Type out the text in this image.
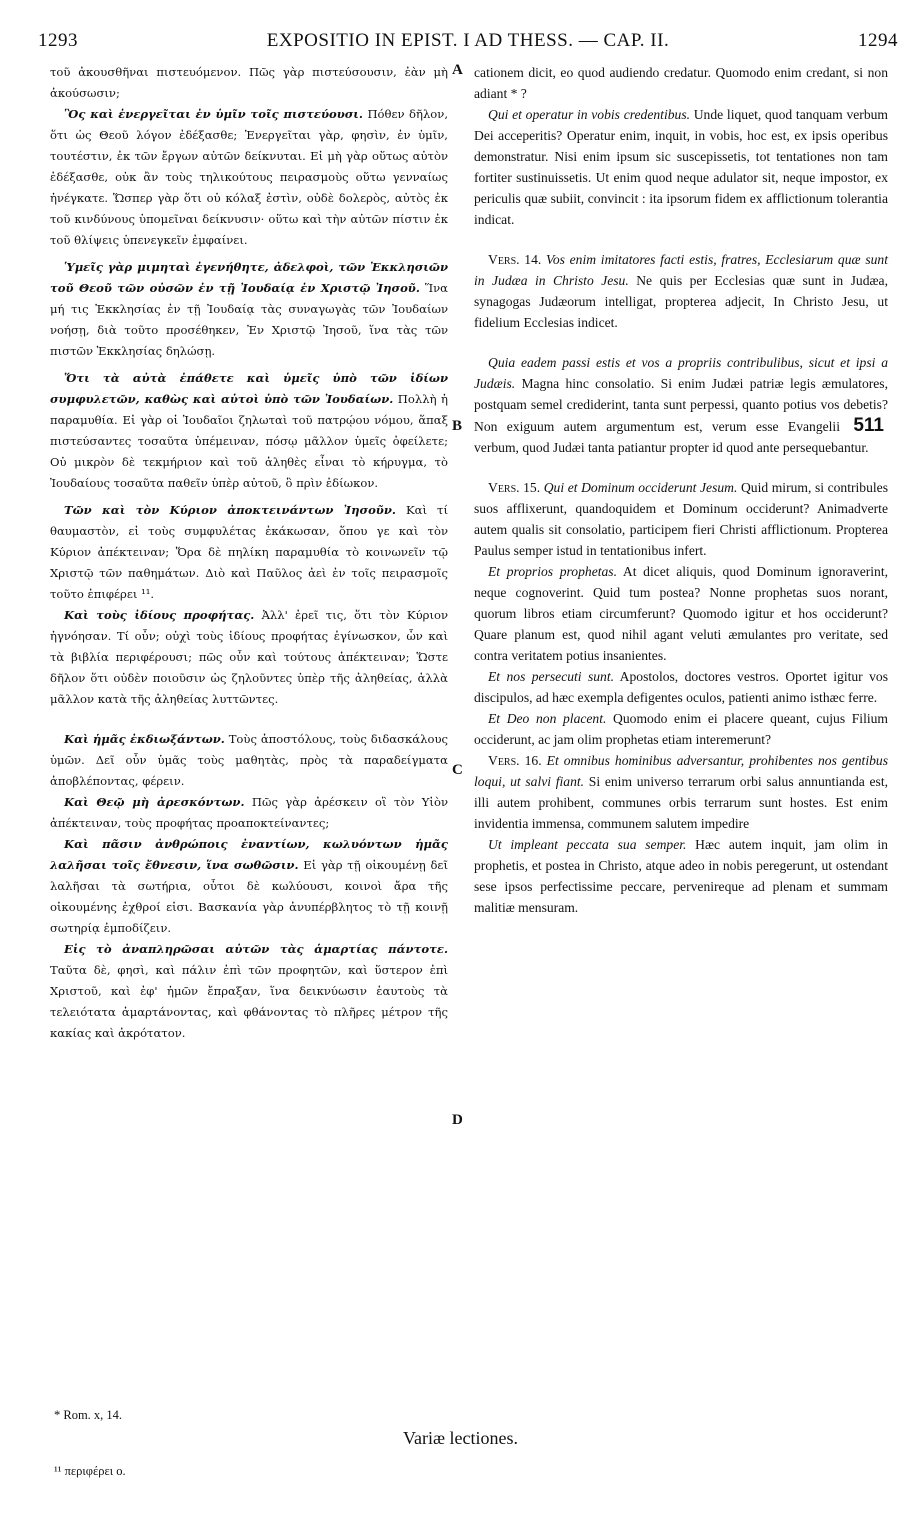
1293	EXPOSITIO IN EPIST. I AD THESS. — CAP. II.	1294

τοῦ ἀκουσθῆναι πιστευόμενον. Πῶς γὰρ πιστεύσουσιν, ἐὰν μὴ ἀκούσωσιν;

Ὃς καὶ ἐνεργεῖται ἐν ὑμῖν τοῖς πιστεύουσι. Πόθεν δῆλον, ὅτι ὡς Θεοῦ λόγον ἐδέξασθε; Ἐνεργεῖται γὰρ, φησὶν, ἐν ὑμῖν, τουτέστιν, ἐκ τῶν ἔργων αὐτῶν δείκνυται. Εἰ μὴ γὰρ οὕτως αὐτὸν ἐδέξασθε, οὐκ ἂν τοὺς τηλικούτους πειρασμοὺς οὕτω γενναίως ἠνέγκατε. Ὥσπερ γὰρ ὅτι οὐ κόλαξ ἐστὶν, οὐδὲ δολερὸς, αὐτὸς ἐκ τοῦ κινδύνους ὑπομεῖναι δείκνυσιν· οὕτω καὶ τὴν αὐτῶν πίστιν ἐκ τοῦ θλίψεις ὑπενεγκεῖν ἐμφαίνει.

Ὑμεῖς γὰρ μιμηταὶ ἐγενήθητε, ἀδελφοὶ, τῶν Ἐκκλησιῶν τοῦ Θεοῦ τῶν οὐσῶν ἐν τῇ Ἰουδαίᾳ ἐν Χριστῷ Ἰησοῦ. Ἵνα μή τις Ἐκκλησίας ἐν τῇ Ἰουδαίᾳ τὰς συναγωγὰς τῶν Ἰουδαίων νοήσῃ, διὰ τοῦτο προσέθηκεν, Ἐν Χριστῷ Ἰησοῦ, ἵνα τὰς τῶν πιστῶν Ἐκκλησίας δηλώσῃ.

Ὅτι τὰ αὐτὰ ἐπάθετε καὶ ὑμεῖς ὑπὸ τῶν ἰδίων συμφυλετῶν, καθὼς καὶ αὐτοὶ ὑπὸ τῶν Ἰουδαίων. Πολλὴ ἡ παραμυθία. Εἰ γὰρ οἱ Ἰουδαῖοι ζηλωταὶ τοῦ πατρῴου νόμου, ἅπαξ πιστεύσαντες τοσαῦτα ὑπέμειναν, πόσῳ μᾶλλον ὑμεῖς ὀφείλετε; Οὐ μικρὸν δὲ τεκμήριον καὶ τοῦ ἀληθὲς εἶναι τὸ κήρυγμα, τὸ Ἰουδαίους τοσαῦτα παθεῖν ὑπὲρ αὐτοῦ, ὃ πρὶν ἐδίωκον.

Τῶν καὶ τὸν Κύριον ἀποκτεινάντων Ἰησοῦν. Καὶ τί θαυμαστὸν, εἰ τοὺς συμφυλέτας ἐκάκωσαν, ὅπου γε καὶ τὸν Κύριον ἀπέκτειναν; Ὅρα δὲ πηλίκη παραμυθία τὸ κοινωνεῖν τῷ Χριστῷ τῶν παθημάτων. Διὸ καὶ Παῦλος ἀεὶ ἐν τοῖς πειρασμοῖς τοῦτο ἐπιφέρει ¹¹.

Καὶ τοὺς ἰδίους προφήτας. Ἀλλ' ἐρεῖ τις, ὅτι τὸν Κύριον ἠγνόησαν. Τί οὖν; οὐχὶ τοὺς ἰδίους προφήτας ἐγίνωσκον, ὧν καὶ τὰ βιβλία περιφέρουσι; πῶς οὖν καὶ τούτους ἀπέκτειναν; Ὥστε δῆλον ὅτι οὐδὲν ποιοῦσιν ὡς ζηλοῦντες ὑπὲρ τῆς ἀληθείας, ἀλλὰ μᾶλλον κατὰ τῆς ἀληθείας λυττῶντες.

Καὶ ἡμᾶς ἐκδιωξάντων. Τοὺς ἀποστόλους, τοὺς διδασκάλους ὑμῶν. Δεῖ οὖν ὑμᾶς τοὺς μαθητὰς, πρὸς τὰ παραδείγματα ἀποβλέποντας, φέρειν.

Καὶ Θεῷ μὴ ἀρεσκόντων. Πῶς γὰρ ἀρέσκειν οἳ τὸν Υἱὸν ἀπέκτειναν, τοὺς προφήτας προαποκτείναντες;

Καὶ πᾶσιν ἀνθρώποις ἐναντίων, κωλυόντων ἡμᾶς λαλῆσαι τοῖς ἔθνεσιν, ἵνα σωθῶσιν. Εἰ γὰρ τῇ οἰκουμένῃ δεῖ λαλῆσαι τὰ σωτήρια, οὗτοι δὲ κωλύουσι, κοινοὶ ἄρα τῆς οἰκουμένης ἐχθροί εἰσι. Βασκανία γὰρ ἀνυπέρβλητος τὸ τῇ κοινῇ σωτηρίᾳ ἐμποδίζειν.

Εἰς τὸ ἀναπληρῶσαι αὐτῶν τὰς ἁμαρτίας πάντοτε. Ταῦτα δὲ, φησὶ, καὶ πάλιν ἐπὶ τῶν προφητῶν, καὶ ὕστερον ἐπὶ Χριστοῦ, καὶ ἐφ' ἡμῶν ἔπραξαν, ἵνα δεικνύωσιν ἑαυτοὺς τὰ τελειότατα ἁμαρτάνοντας, καὶ φθάνοντας τὸ πλῆρες μέτρον τῆς κακίας καὶ ἀκρότατον.

A
B
C
D

cationem dicit, eo quod audiendo credatur. Quomodo enim credant, si non adiant * ?

Qui et operatur in vobis credentibus. Unde liquet, quod tanquam verbum Dei acceperitis? Operatur enim, inquit, in vobis, hoc est, ex ipsis operibus demonstratur. Nisi enim ipsum sic suscepissetis, tot tentationes non tam fortiter sustinuissetis. Ut enim quod neque adulator sit, neque impostor, ex periculis quæ subiit, convincit : ita ipsorum fidem ex afflictionum tolerantia indicat.

Vers. 14. Vos enim imitatores facti estis, fratres, Ecclesiarum quæ sunt in Judæa in Christo Jesu. Ne quis per Ecclesias quæ sunt in Judæa, synagogas Judæorum intelligat, propterea adjecit, In Christo Jesu, ut fidelium Ecclesias indicet.

Quia eadem passi estis et vos a propriis contribulibus, sicut et ipsi a Judæis. Magna hinc consolatio. Si enim Judæi patriæ legis æmulatores, postquam semel crediderint, tanta sunt perpessi, quanto potius vos debetis? Non exiguum autem argumentum est, verum esse Evangelii 511 verbum, quod Judæi tanta patiantur propter id quod ante persequebantur.

Vers. 15. Qui et Dominum occiderunt Jesum. Quid mirum, si contribules suos afflixerunt, quandoquidem et Dominum occiderunt? Animadverte autem qualis sit consolatio, participem fieri Christi afflictionum. Propterea Paulus semper istud in tentationibus infert.

Et proprios prophetas. At dicet aliquis, quod Dominum ignoraverint, neque cognoverint. Quid tum postea? Nonne prophetas suos norant, quorum libros etiam circumferunt? Quomodo igitur et hos occiderunt? Quare planum est, quod nihil agant veluti æmulantes pro veritate, sed contra veritatem potius insanientes.

Et nos persecuti sunt. Apostolos, doctores vestros. Oportet igitur vos discipulos, ad hæc exempla defigentes oculos, patienti animo isthæc ferre.

Et Deo non placent. Quomodo enim ei placere queant, cujus Filium occiderunt, ac jam olim prophetas etiam interemerunt?

Vers. 16. Et omnibus hominibus adversantur, prohibentes nos gentibus loqui, ut salvi fiant. Si enim universo terrarum orbi salus annuntianda est, illi autem prohibent, communes orbis terrarum sunt hostes. Est enim invidentia immensa, communem salutem impedire

Ut impleant peccata sua semper. Hæc autem inquit, jam olim in prophetis, et postea in Christo, atque adeo in nobis peregerunt, ut ostendant sese ipsos perfectissime peccare, pervenireque ad plenam et summam malitiæ mensuram.

* Rom. x, 14.
Variæ lectiones.
¹¹ περιφέρει ο.
